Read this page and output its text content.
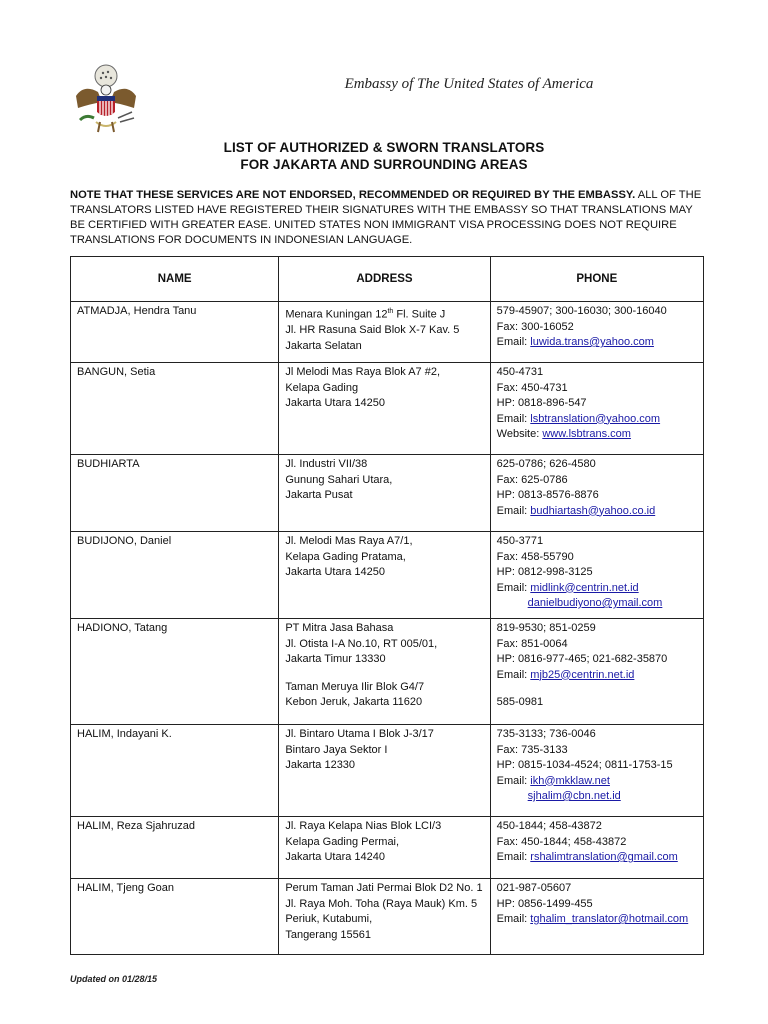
Embassy of The United States of America
LIST OF AUTHORIZED & SWORN TRANSLATORS
FOR JAKARTA AND SURROUNDING AREAS
NOTE THAT THESE SERVICES ARE NOT ENDORSED, RECOMMENDED OR REQUIRED BY THE EMBASSY. ALL OF THE TRANSLATORS LISTED HAVE REGISTERED THEIR SIGNATURES WITH THE EMBASSY SO THAT TRANSLATIONS MAY BE CERTIFIED WITH GREATER EASE. UNITED STATES NON IMMIGRANT VISA PROCESSING DOES NOT REQUIRE TRANSLATIONS FOR DOCUMENTS IN INDONESIAN LANGUAGE.
NAME	ADDRESS	PHONE
ATMADJA, Hendra Tanu	Menara Kuningan 12th Fl. Suite J
Jl. HR Rasuna Said Blok X-7 Kav. 5
Jakarta Selatan	579-45907; 300-16030; 300-16040
Fax: 300-16052
Email: luwida.trans@yahoo.com

BANGUN, Setia	Jl Melodi Mas Raya Blok A7 #2,
Kelapa Gading
Jakarta Utara 14250	450-4731
Fax: 450-4731
HP: 0818-896-547
Email: lsbtranslation@yahoo.com
Website: www.lsbtrans.com

BUDHIARTA	Jl. Industri VII/38
Gunung Sahari Utara,
Jakarta Pusat	625-0786; 626-4580
Fax: 625-0786
HP: 0813-8576-8876
Email: budhiartash@yahoo.co.id

BUDIJONO, Daniel	Jl. Melodi Mas Raya A7/1,
Kelapa Gading Pratama,
Jakarta Utara 14250	450-3771
Fax: 458-55790
HP: 0812-998-3125
Email: midlink@centrin.net.id
danielbudiyono@ymail.com

HADIONO, Tatang	PT Mitra Jasa Bahasa
Jl. Otista I-A No.10, RT 005/01,
Jakarta Timur 13330
Taman Meruya Ilir Blok G4/7
Kebon Jeruk, Jakarta 11620	819-9530; 851-0259
Fax: 851-0064
HP: 0816-977-465; 021-682-35870
Email: mjb25@centrin.net.id
585-0981

HALIM, Indayani K.	Jl. Bintaro Utama I Blok J-3/17
Bintaro Jaya Sektor I
Jakarta 12330	735-3133; 736-0046
Fax: 735-3133
HP: 0815-1034-4524; 0811-1753-15
Email: ikh@mkklaw.net
sjhalim@cbn.net.id

HALIM, Reza Sjahruzad	Jl. Raya Kelapa Nias Blok LCI/3
Kelapa Gading Permai,
Jakarta Utara 14240	450-1844; 458-43872
Fax: 450-1844; 458-43872
Email: rshalimtranslation@gmail.com

HALIM, Tjeng Goan	Perum Taman Jati Permai Blok D2 No. 1
Jl. Raya Moh. Toha (Raya Mauk) Km. 5
Periuk, Kutabumi,
Tangerang 15561	021-987-05607
HP: 0856-1499-455
Email: tghalim_translator@hotmail.com
Updated on 01/28/15
